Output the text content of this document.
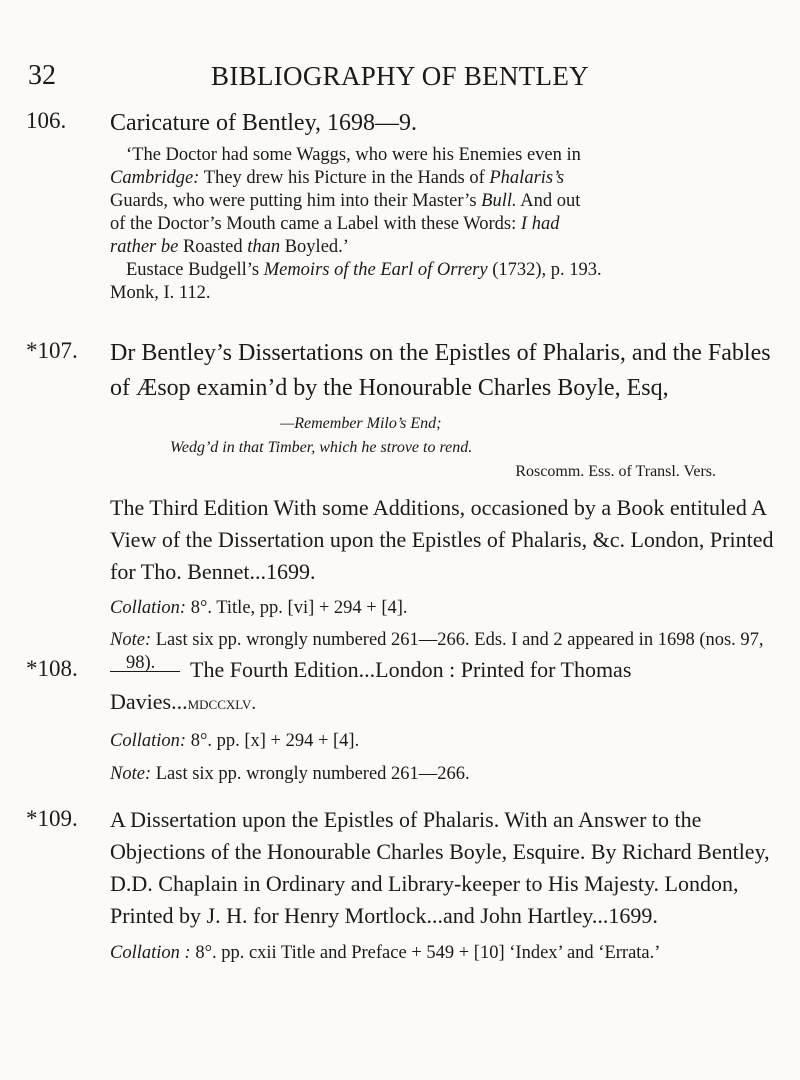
32	BIBLIOGRAPHY OF BENTLEY
106.	Caricature of Bentley, 1698—9.

‘The Doctor had some Waggs, who were his Enemies even in

Cambridge: They drew his Picture in the Hands of Phalaris’s

Guards, who were putting him into their Master’s Bull. And out

of the Doctor’s Mouth came a Label with these Words: I had

rather be Roasted than Boyled.’

Eustace Budgell’s Memoirs of the Earl of Orrery (1732), p. 193.

Monk, I. 112.

*107.	Dr Bentley’s Dissertations on the Epistles of Phalaris, and the Fables of Æsop examin’d by the Honourable Charles Boyle, Esq,

—Remember Milo’s End;

Wedg’d in that Timber, which he strove to rend.

Roscomm. Ess. of Transl. Vers.

The Third Edition With some Additions, occasioned by a Book entituled A View of the Dissertation upon the Epistles of Phalaris, &c. London, Printed for Tho. Bennet...1699.

Collation: 8°. Title, pp. [vi] + 294 + [4].

Note: Last six pp. wrongly numbered 261—266. Eds. I and 2 appeared in 1698 (nos. 97, 98).

*108.	The Fourth Edition...London : Printed for Thomas

Davies...mdccxlv.

Collation: 8°. pp. [x] + 294 + [4].

Note: Last six pp. wrongly numbered 261—266.

*109.	A Dissertation upon the Epistles of Phalaris. With an Answer to the Objections of the Honourable Charles Boyle, Esquire. By Richard Bentley, D.D. Chaplain in Ordinary and Library-keeper to His Majesty. London, Printed by J. H. for Henry Mortlock...and John Hartley...1699.

Collation : 8°. pp. cxii Title and Preface + 549 + [10] ‘Index’ and ‘Errata.’
